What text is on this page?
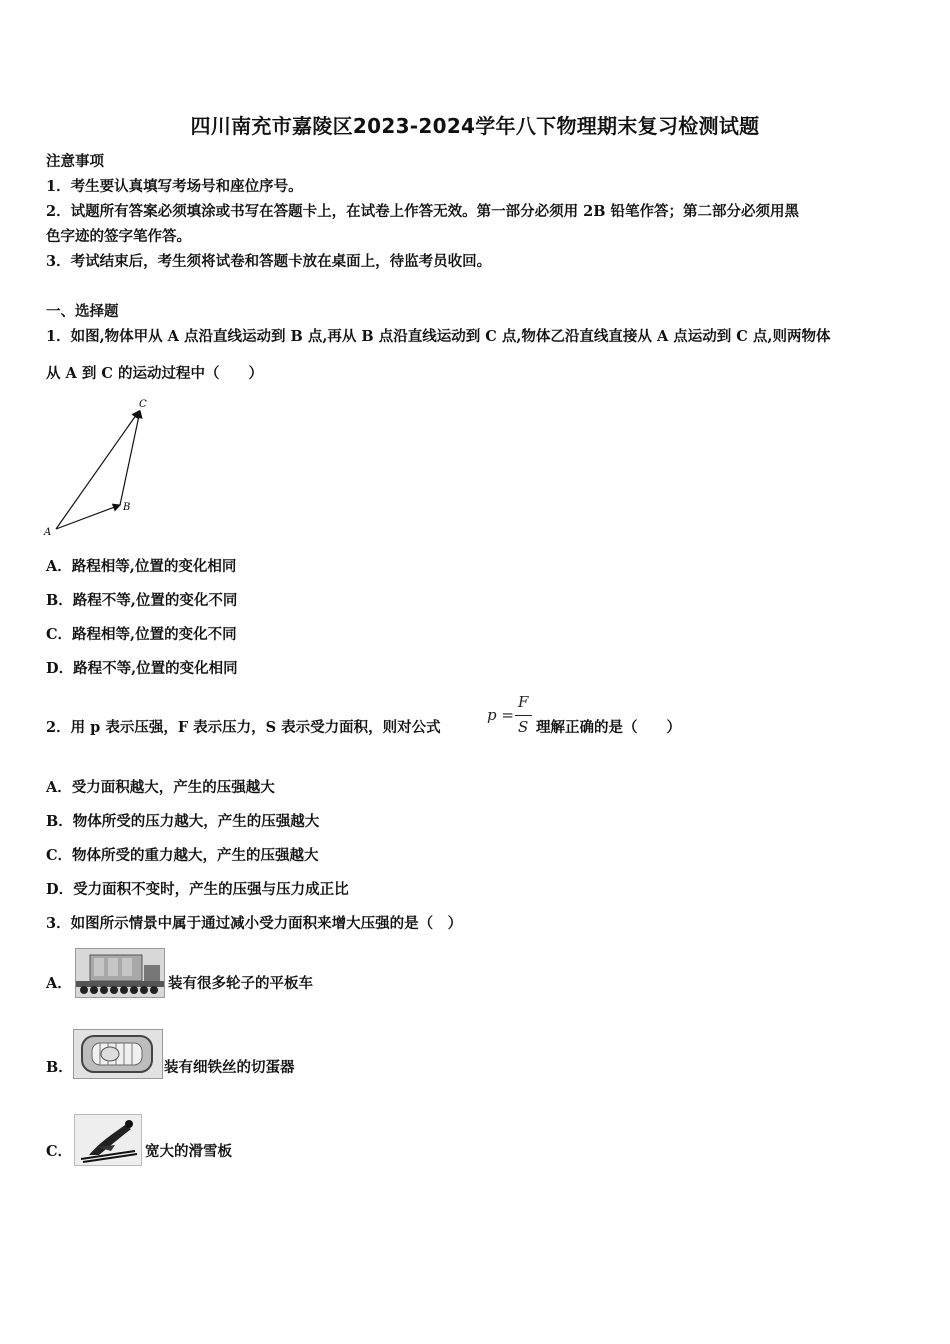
四川南充市嘉陵区2023-2024学年八下物理期末复习检测试题
注意事项
1．考生要认真填写考场号和座位序号。
2．试题所有答案必须填涂或书写在答题卡上，在试卷上作答无效。第一部分必须用 2B 铅笔作答；第二部分必须用黑
色字迹的签字笔作答。
3．考试结束后，考生须将试卷和答题卡放在桌面上，待监考员收回。
一、选择题
1．如图,物体甲从 A 点沿直线运动到 B 点,再从 B 点沿直线运动到 C 点,物体乙沿直线直接从 A 点运动到 C 点,则两物体
从 A 到 C 的运动过程中（　　）
A
B
C
A．路程相等,位置的变化相同
B．路程不等,位置的变化不同
C．路程相等,位置的变化不同
D．路程不等,位置的变化相同
2．用 p 表示压强，F 表示压力，S 表示受力面积，则对公式
p =
F
S 理解正确的是（　　）
A．受力面积越大，产生的压强越大
B．物体所受的压力越大，产生的压强越大
C．物体所受的重力越大，产生的压强越大
D．受力面积不变时，产生的压强与压力成正比
3．如图所示情景中属于通过减小受力面积来增大压强的是（　）
A．	装有很多轮子的平板车
B．	装有细铁丝的切蛋器
C．	宽大的滑雪板
